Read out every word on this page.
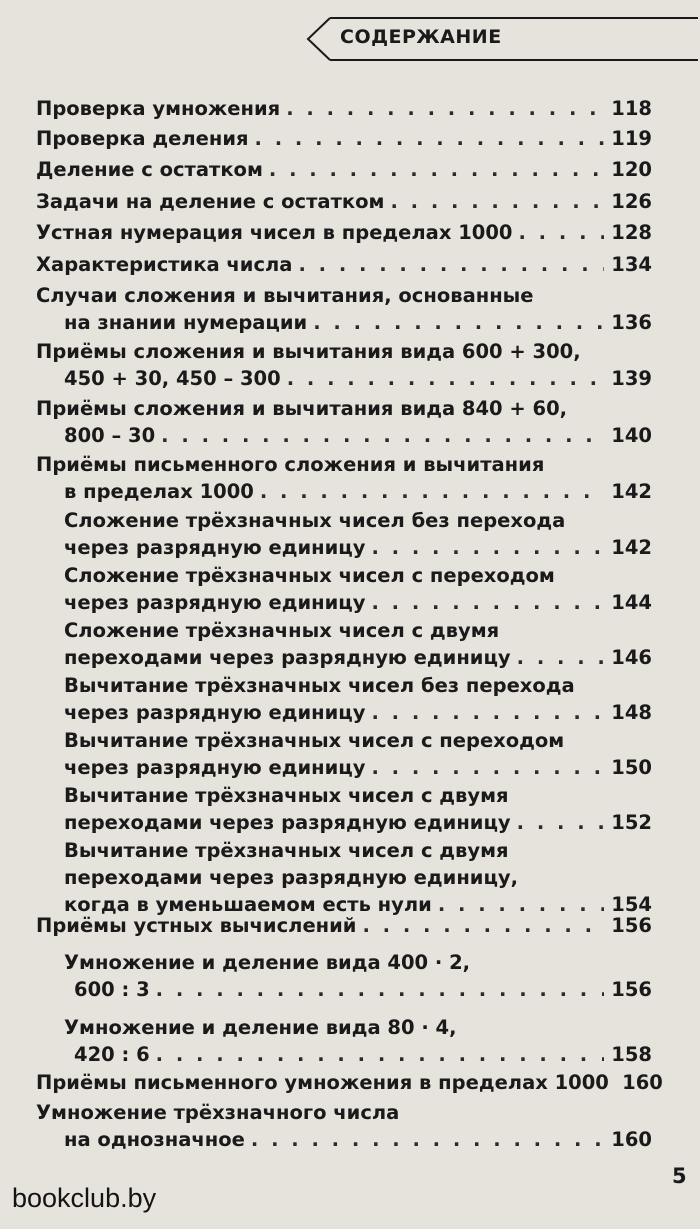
СОДЕРЖАНИЕ
Проверка умножения . . .	118
Проверка деления . . .	119
Деление с остатком . . .	120
Задачи на деление с остатком . . .	126
Устная нумерация чисел в пределах 1000 . . .	128
Характеристика числа . . .	134
Случаи сложения и вычитания, основанные
на знании нумерации . . .	136
Приёмы сложения и вычитания вида 600 + 300,
450 + 30, 450 – 300 . . .	139
Приёмы сложения и вычитания вида 840 + 60,
800 – 30 . . .	140
Приёмы письменного сложения и вычитания
в пределах 1000 . . .	142
Сложение трёхзначных чисел без перехода
через разрядную единицу . . .	142
Сложение трёхзначных чисел с переходом
через разрядную единицу . . .	144
Сложение трёхзначных чисел с двумя
переходами через разрядную единицу . . .	146
Вычитание трёхзначных чисел без перехода
через разрядную единицу . . .	148
Вычитание трёхзначных чисел с переходом
через разрядную единицу . . .	150
Вычитание трёхзначных чисел с двумя
переходами через разрядную единицу . . .	152
Вычитание трёхзначных чисел с двумя
переходами через разрядную единицу,
когда в уменьшаемом есть нули . . .	154
Приёмы устных вычислений . . .	156
Умножение и деление вида 400 · 2,
600 : 3 . . .	156
Умножение и деление вида 80 · 4,
420 : 6 . . .	158
Приёмы письменного умножения в пределах 1000 160
Умножение трёхзначного числа
на однозначное . . .	160
5
bookclub.by
